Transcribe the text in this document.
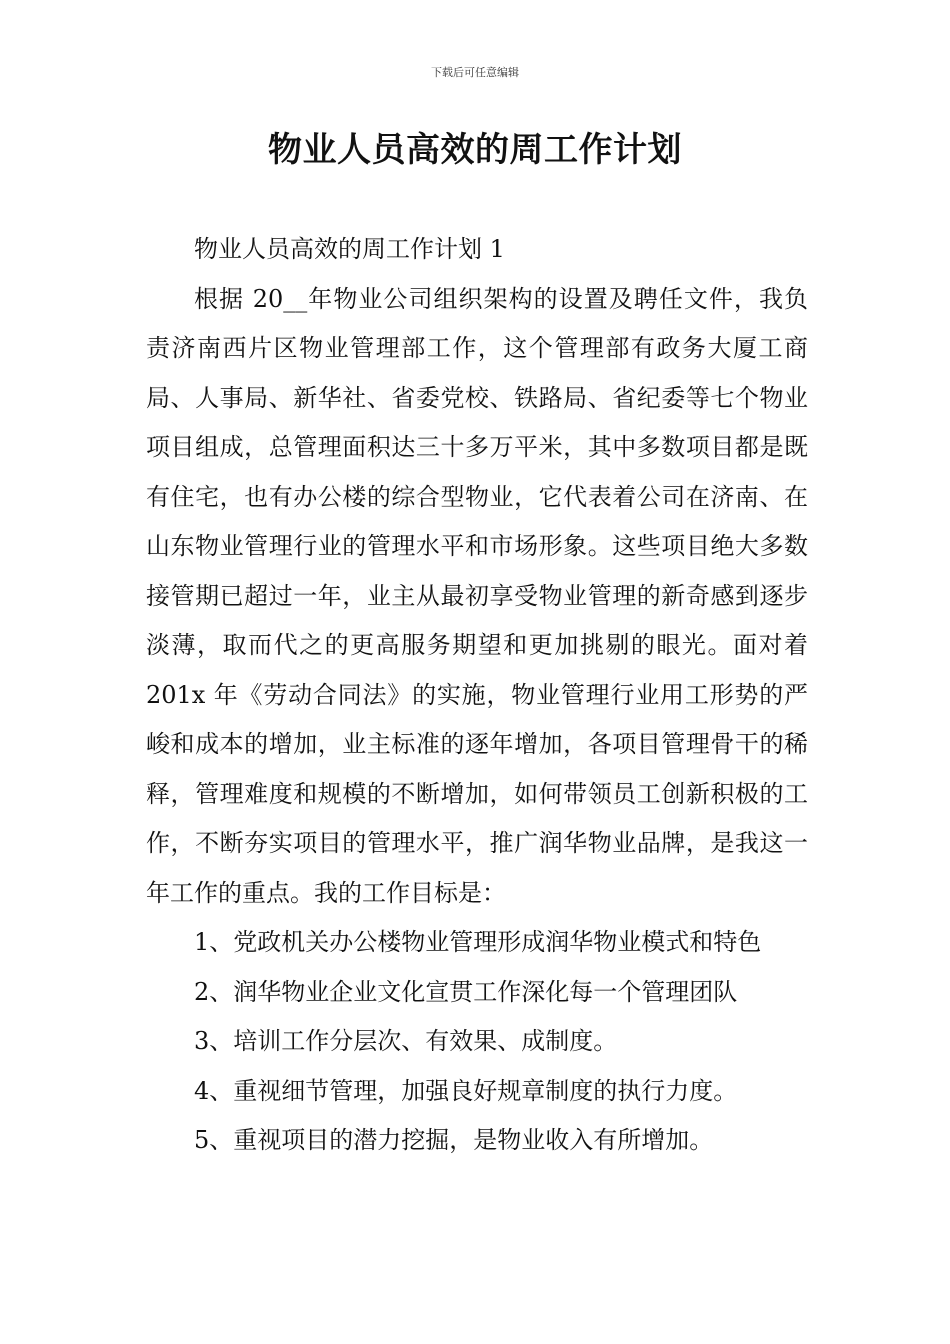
下载后可任意编辑
物业人员高效的周工作计划

物业人员高效的周工作计划 1

根据 20__年物业公司组织架构的设置及聘任文件，我负责济南西片区物业管理部工作，这个管理部有政务大厦工商局、人事局、新华社、省委党校、铁路局、省纪委等七个物业项目组成，总管理面积达三十多万平米，其中多数项目都是既有住宅，也有办公楼的综合型物业，它代表着公司在济南、在山东物业管理行业的管理水平和市场形象。这些项目绝大多数接管期已超过一年，业主从最初享受物业管理的新奇感到逐步淡薄，取而代之的更高服务期望和更加挑剔的眼光。面对着 201x 年《劳动合同法》的实施，物业管理行业用工形势的严峻和成本的增加，业主标准的逐年增加，各项目管理骨干的稀释，管理难度和规模的不断增加，如何带领员工创新积极的工作，不断夯实项目的管理水平，推广润华物业品牌，是我这一年工作的重点。我的工作目标是：

1、党政机关办公楼物业管理形成润华物业模式和特色

2、润华物业企业文化宣贯工作深化每一个管理团队

3、培训工作分层次、有效果、成制度。

4、重视细节管理，加强良好规章制度的执行力度。

5、重视项目的潜力挖掘，是物业收入有所增加。
